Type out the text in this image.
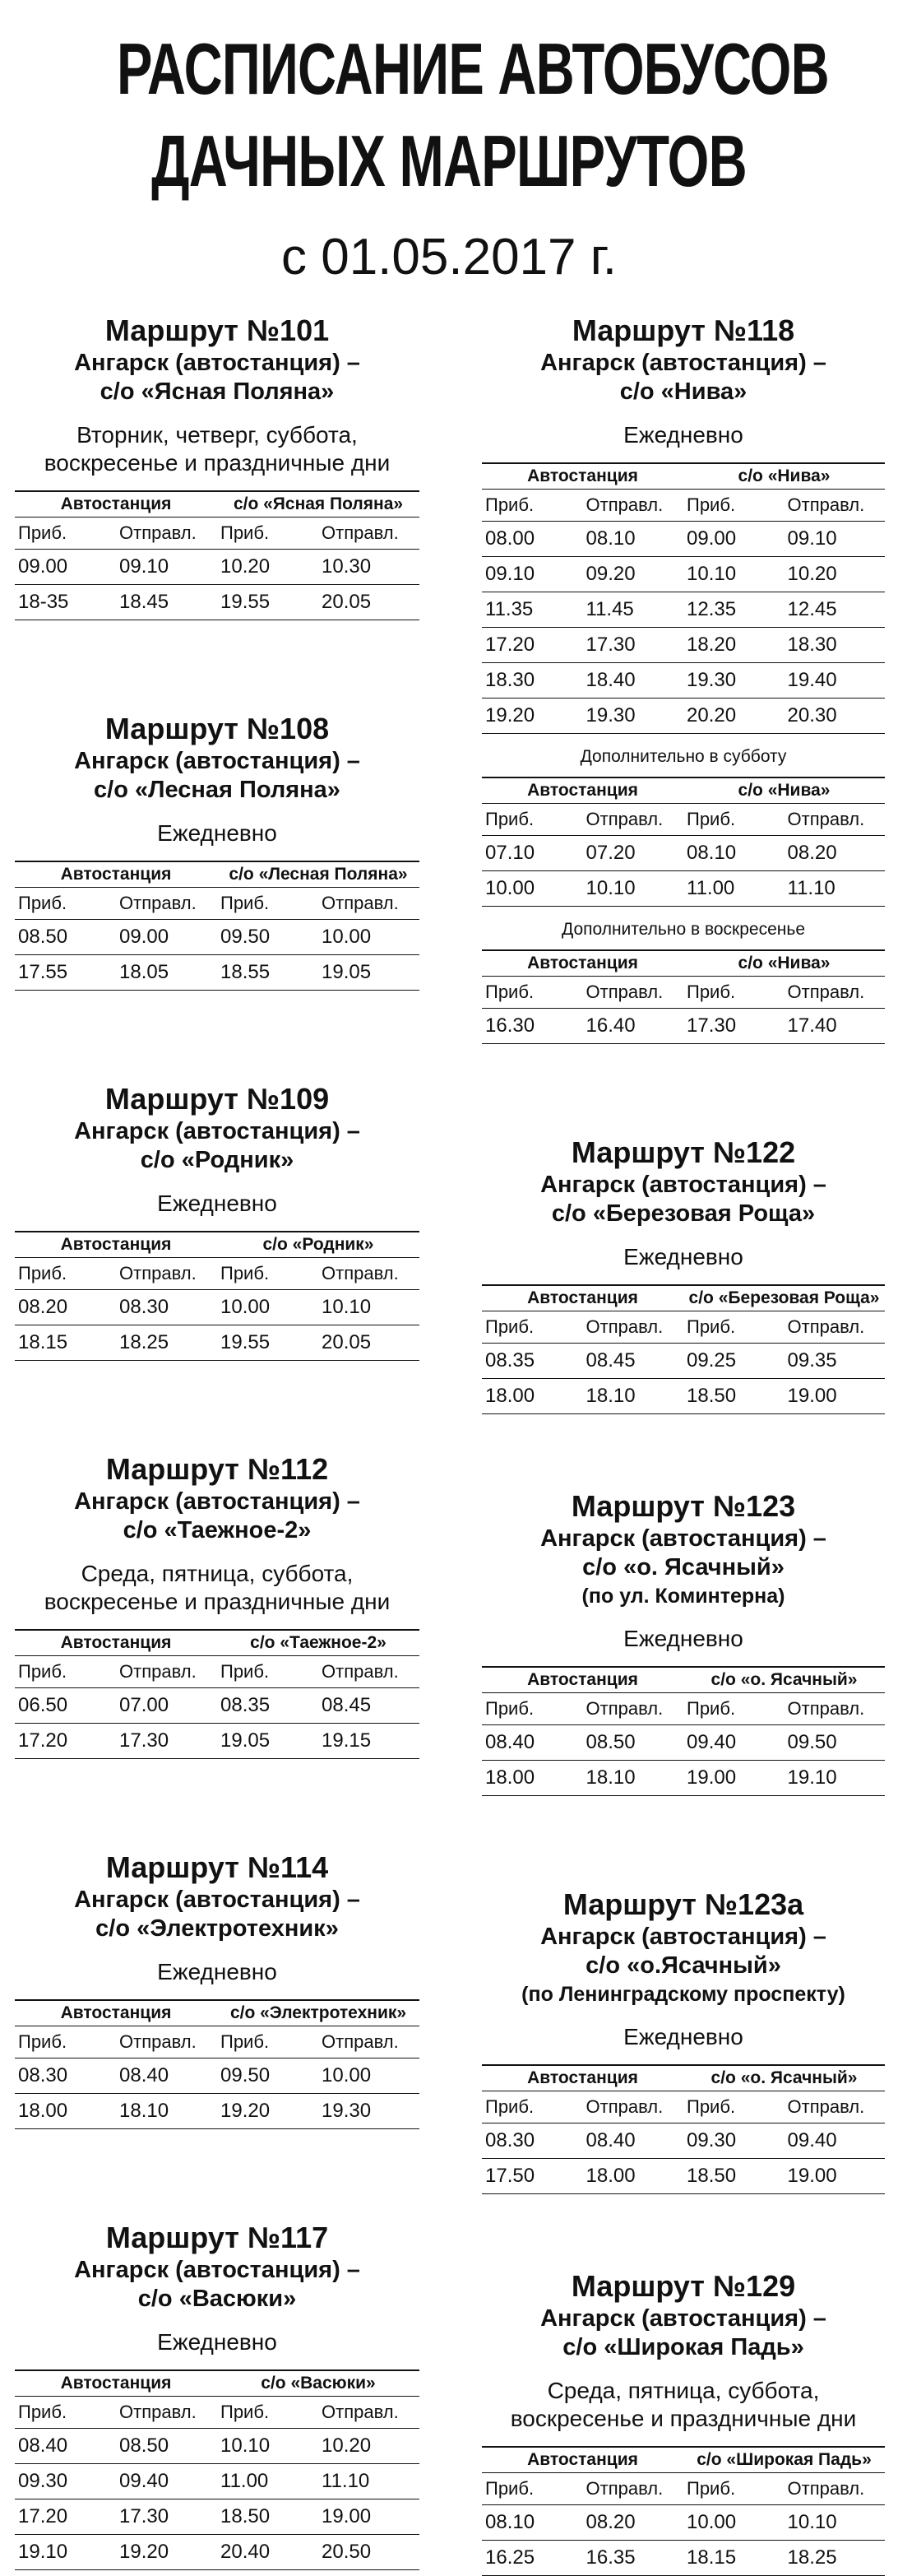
РАСПИСАНИЕ АВТОБУСОВ
ДАЧНЫХ МАРШРУТОВ
с 01.05.2017 г.
Маршрут №101
Ангарск (автостанция) –
с/о «Ясная Поляна»
Вторник, четверг, суббота, воскресенье и праздничные дни
Автостанция	с/о «Ясная Поляна»
Приб.	Отправл.	Приб.	Отправл.
09.00	09.10	10.20	10.30
18-35	18.45	19.55	20.05
Маршрут №108
Ангарск (автостанция) –
с/о «Лесная Поляна»
Ежедневно
Автостанция	с/о «Лесная Поляна»
Приб.	Отправл.	Приб.	Отправл.
08.50	09.00	09.50	10.00
17.55	18.05	18.55	19.05
Маршрут №109
Ангарск (автостанция) –
с/о «Родник»
Ежедневно
Автостанция	с/о «Родник»
Приб.	Отправл.	Приб.	Отправл.
08.20	08.30	10.00	10.10
18.15	18.25	19.55	20.05
Маршрут №112
Ангарск (автостанция) –
с/о «Таежное-2»
Среда, пятница, суббота, воскресенье и праздничные дни
Автостанция	с/о «Таежное-2»
Приб.	Отправл.	Приб.	Отправл.
06.50	07.00	08.35	08.45
17.20	17.30	19.05	19.15
Маршрут №114
Ангарск (автостанция) –
с/о «Электротехник»
Ежедневно
Автостанция	с/о «Электротехник»
Приб.	Отправл.	Приб.	Отправл.
08.30	08.40	09.50	10.00
18.00	18.10	19.20	19.30
Маршрут №117
Ангарск (автостанция) –
с/о «Васюки»
Ежедневно
Автостанция	с/о «Васюки»
Приб.	Отправл.	Приб.	Отправл.
08.40	08.50	10.10	10.20
09.30	09.40	11.00	11.10
17.20	17.30	18.50	19.00
19.10	19.20	20.40	20.50
Маршрут №118
Ангарск (автостанция) –
с/о «Нива»
Ежедневно
Автостанция	с/о «Нива»
Приб.	Отправл.	Приб.	Отправл.
08.00	08.10	09.00	09.10
09.10	09.20	10.10	10.20
11.35	11.45	12.35	12.45
17.20	17.30	18.20	18.30
18.30	18.40	19.30	19.40
19.20	19.30	20.20	20.30
Дополнительно в субботу
Автостанция	с/о «Нива»
Приб.	Отправл.	Приб.	Отправл.
07.10	07.20	08.10	08.20
10.00	10.10	11.00	11.10
Дополнительно в воскресенье
Автостанция	с/о «Нива»
Приб.	Отправл.	Приб.	Отправл.
16.30	16.40	17.30	17.40
Маршрут №122
Ангарск (автостанция) –
с/о «Березовая Роща»
Ежедневно
Автостанция	с/о «Березовая Роща»
Приб.	Отправл.	Приб.	Отправл.
08.35	08.45	09.25	09.35
18.00	18.10	18.50	19.00
Маршрут №123
Ангарск (автостанция) –
с/о «о. Ясачный»
(по ул. Коминтерна)
Ежедневно
Автостанция	с/о «о. Ясачный»
Приб.	Отправл.	Приб.	Отправл.
08.40	08.50	09.40	09.50
18.00	18.10	19.00	19.10
Маршрут №123а
Ангарск (автостанция) –
с/о «о.Ясачный»
(по Ленинградскому проспекту)
Ежедневно
Автостанция	с/о «о. Ясачный»
Приб.	Отправл.	Приб.	Отправл.
08.30	08.40	09.30	09.40
17.50	18.00	18.50	19.00
Маршрут №129
Ангарск (автостанция) –
с/о «Широкая Падь»
Среда, пятница, суббота, воскресенье и праздничные дни
Автостанция	с/о «Широкая Падь»
Приб.	Отправл.	Приб.	Отправл.
08.10	08.20	10.00	10.10
16.25	16.35	18.15	18.25
